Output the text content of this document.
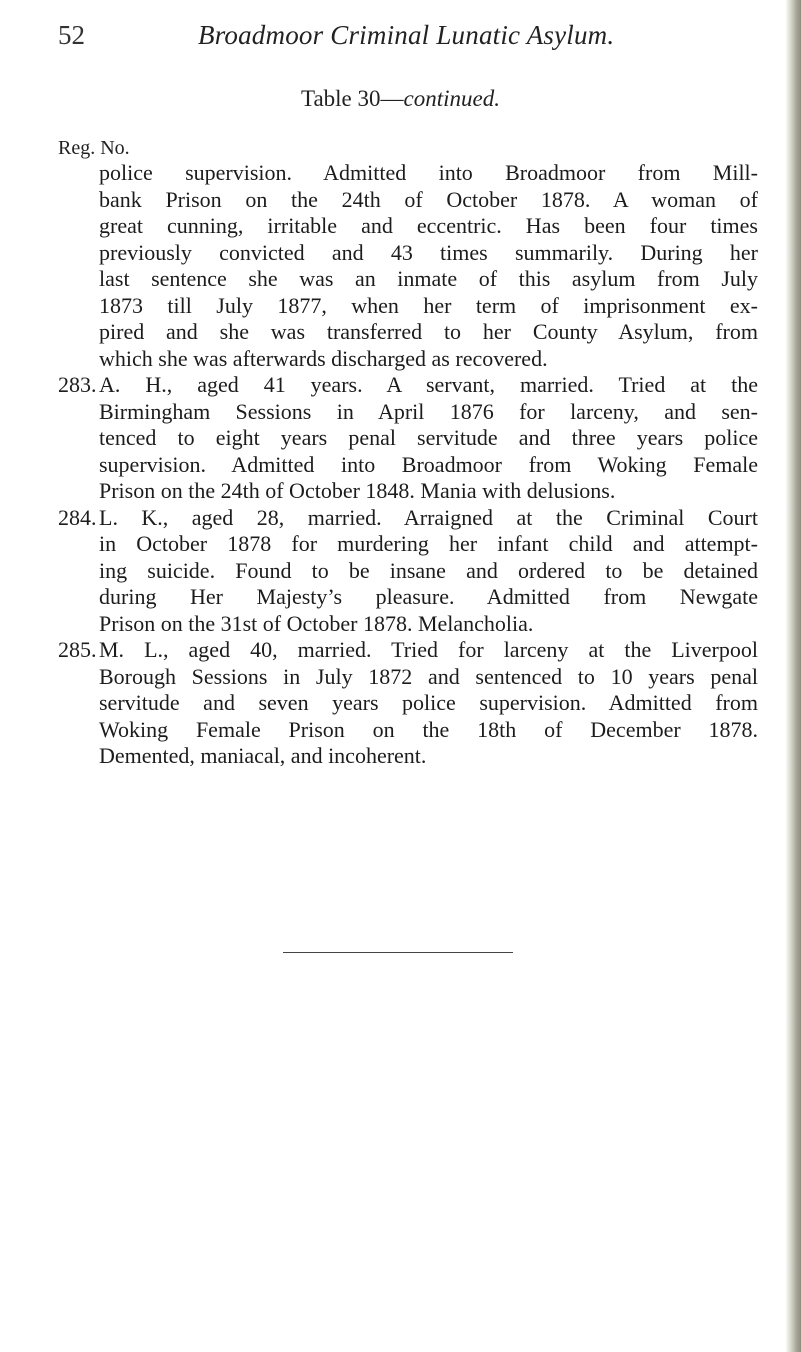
52	Broadmoor Criminal Lunatic Asylum.
Table 30—continued.
Reg. No.
police supervision. Admitted into Broadmoor from Mill-
bank Prison on the 24th of October 1878. A woman of
great cunning, irritable and eccentric. Has been four times
previously convicted and 43 times summarily. During her
last sentence she was an inmate of this asylum from July
1873 till July 1877, when her term of imprisonment ex-
pired and she was transferred to her County Asylum, from
which she was afterwards discharged as recovered.
283. A. H., aged 41 years. A servant, married. Tried at the
Birmingham Sessions in April 1876 for larceny, and sen-
tenced to eight years penal servitude and three years police
supervision. Admitted into Broadmoor from Woking Female
Prison on the 24th of October 1848. Mania with delusions.
284. L. K., aged 28, married. Arraigned at the Criminal Court
in October 1878 for murdering her infant child and attempt-
ing suicide. Found to be insane and ordered to be detained
during Her Majesty’s pleasure. Admitted from Newgate
Prison on the 31st of October 1878. Melancholia.
285. M. L., aged 40, married. Tried for larceny at the Liverpool
Borough Sessions in July 1872 and sentenced to 10 years penal
servitude and seven years police supervision. Admitted from
Woking Female Prison on the 18th of December 1878.
Demented, maniacal, and incoherent.
